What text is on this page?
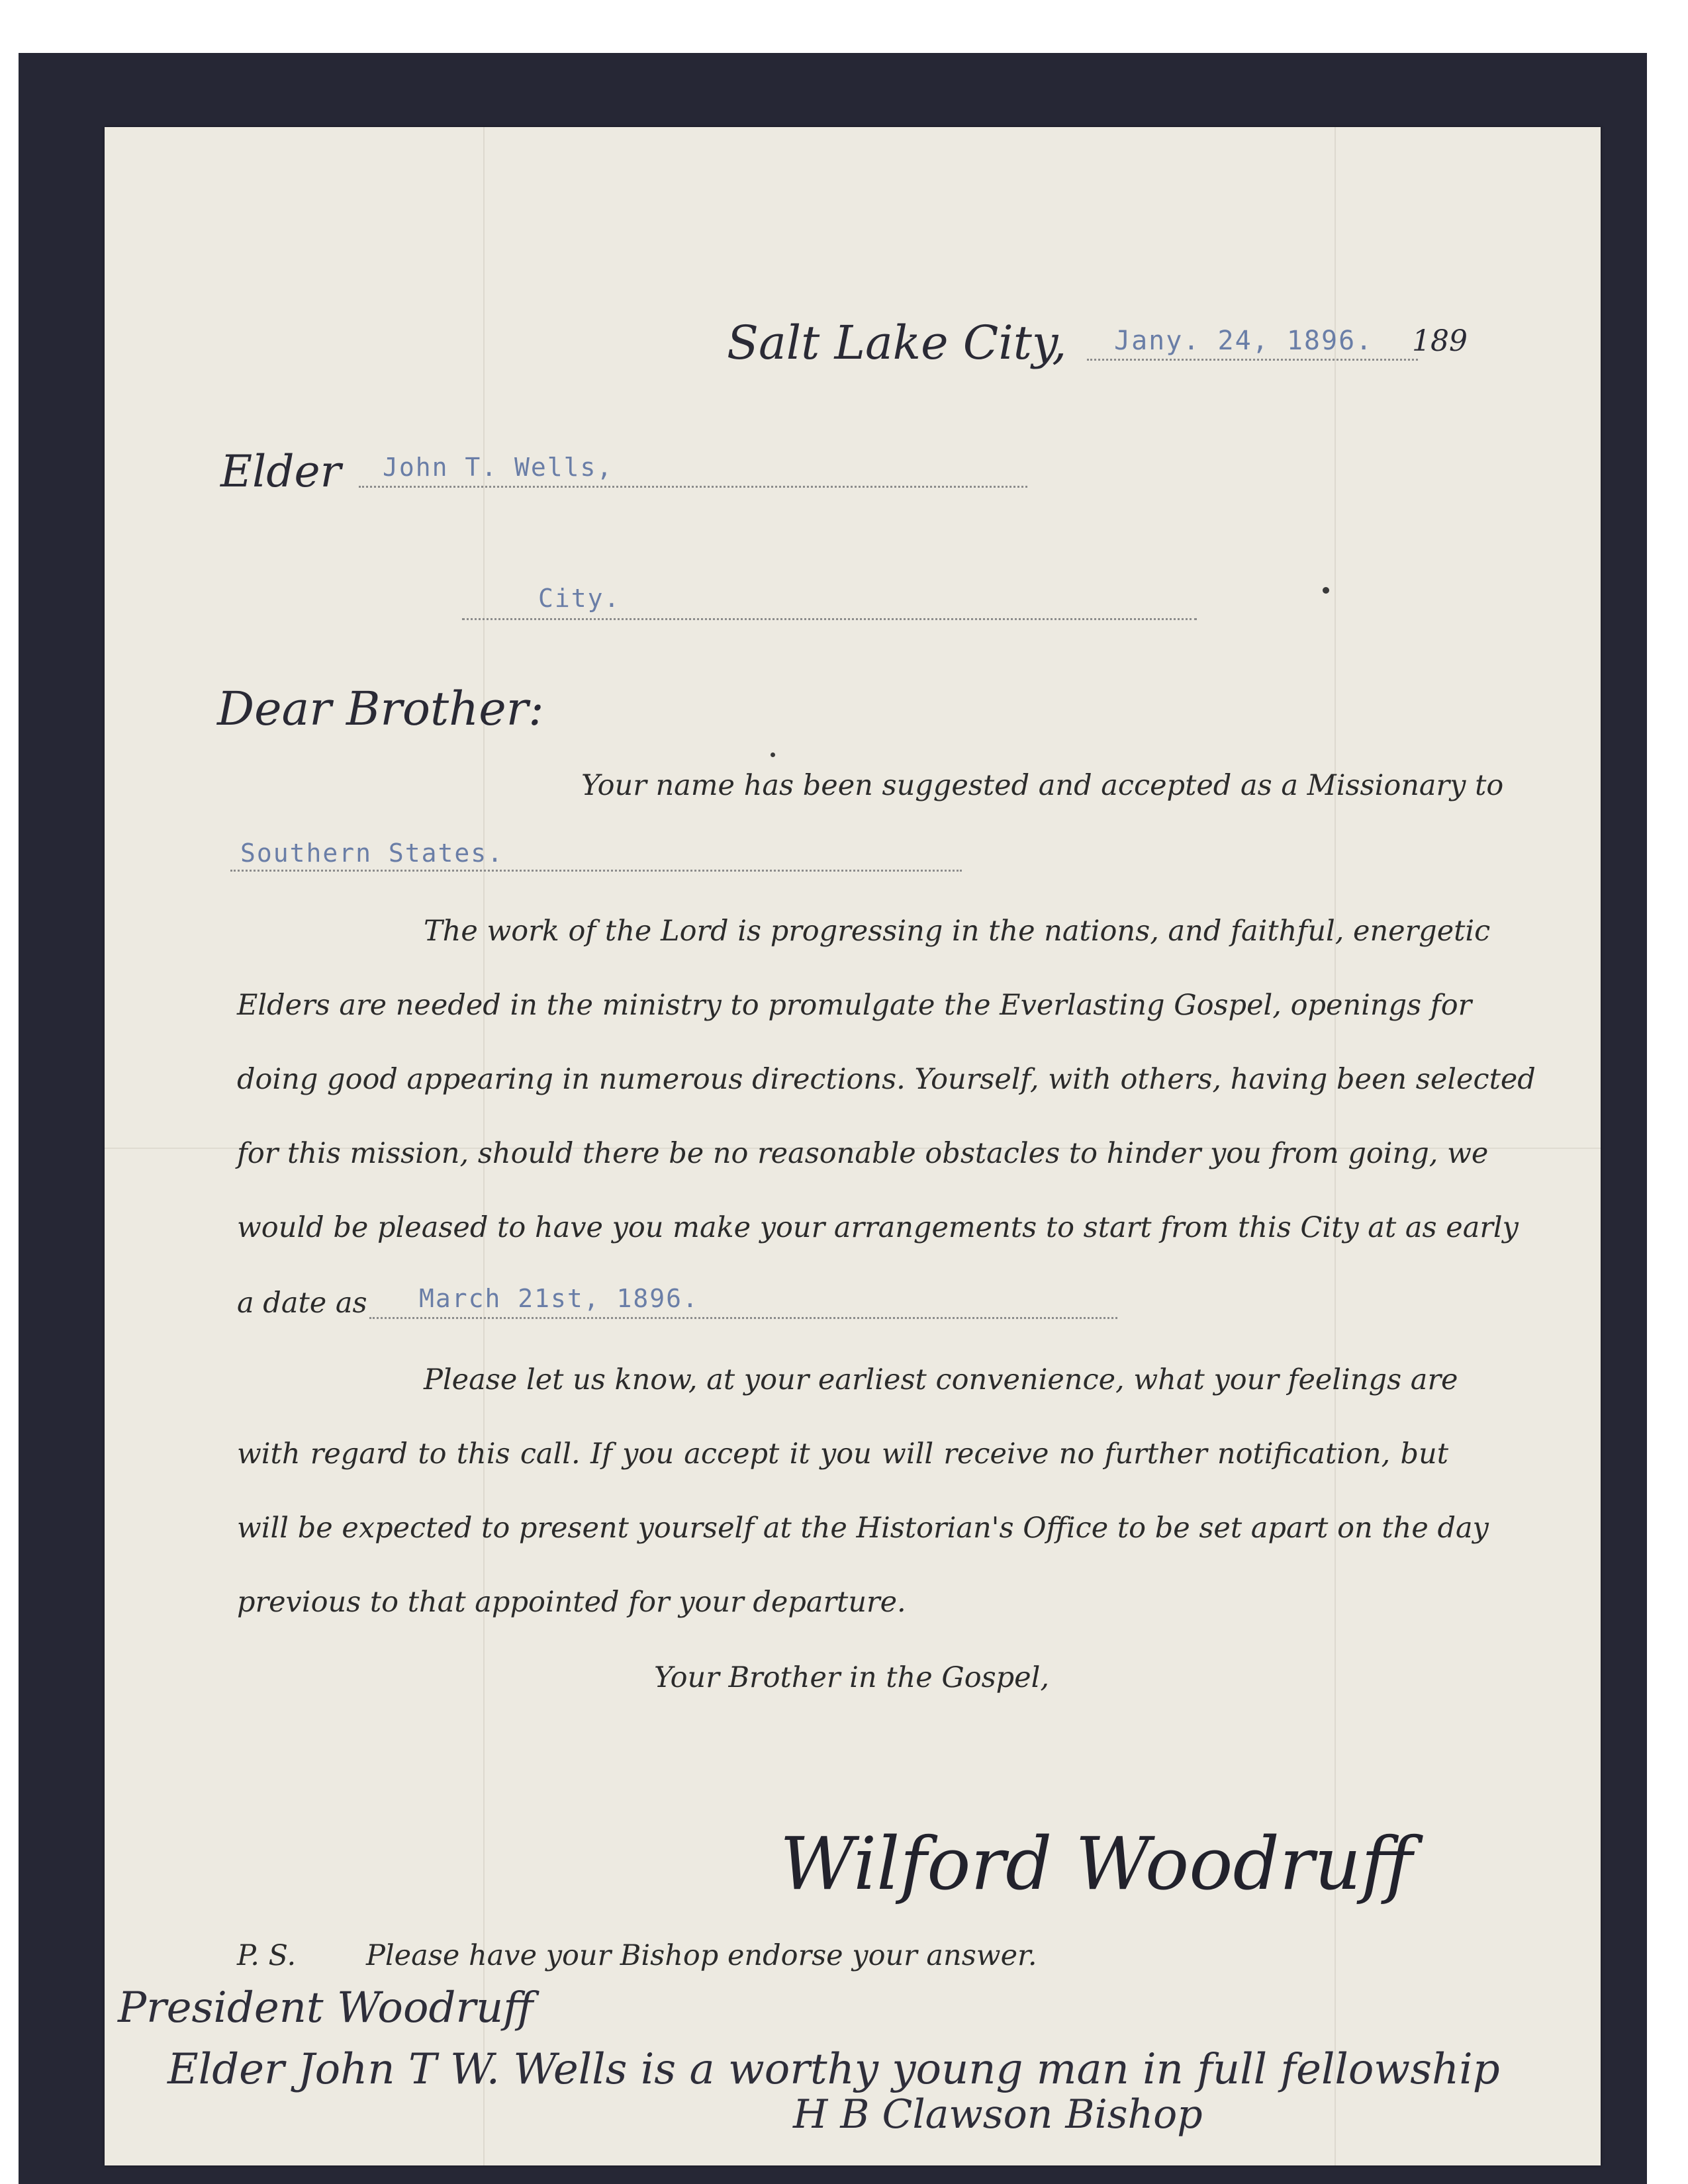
Salt Lake City, Jany. 24, 1896. 189
Elder John T. Wells,
City.
Dear Brother:
Your name has been suggested and accepted as a Missionary to
Southern States.
The work of the Lord is progressing in the nations, and faithful, energetic
Elders are needed in the ministry to promulgate the Everlasting Gospel, openings for
doing good appearing in numerous directions. Yourself, with others, having been selected
for this mission, should there be no reasonable obstacles to hinder you from going, we
would be pleased to have you make your arrangements to start from this City at as early
a date as March 21st, 1896.
Please let us know, at your earliest convenience, what your feelings are
with regard to this call. If you accept it you will receive no further notification, but
will be expected to present yourself at the Historian's Office to be set apart on the day
previous to that appointed for your departure.
Your Brother in the Gospel,
Wilford Woodruff
P. S. Please have your Bishop endorse your answer.
President Woodruff
Elder John T W. Wells is a worthy young man in full fellowship
H B Clawson Bishop
